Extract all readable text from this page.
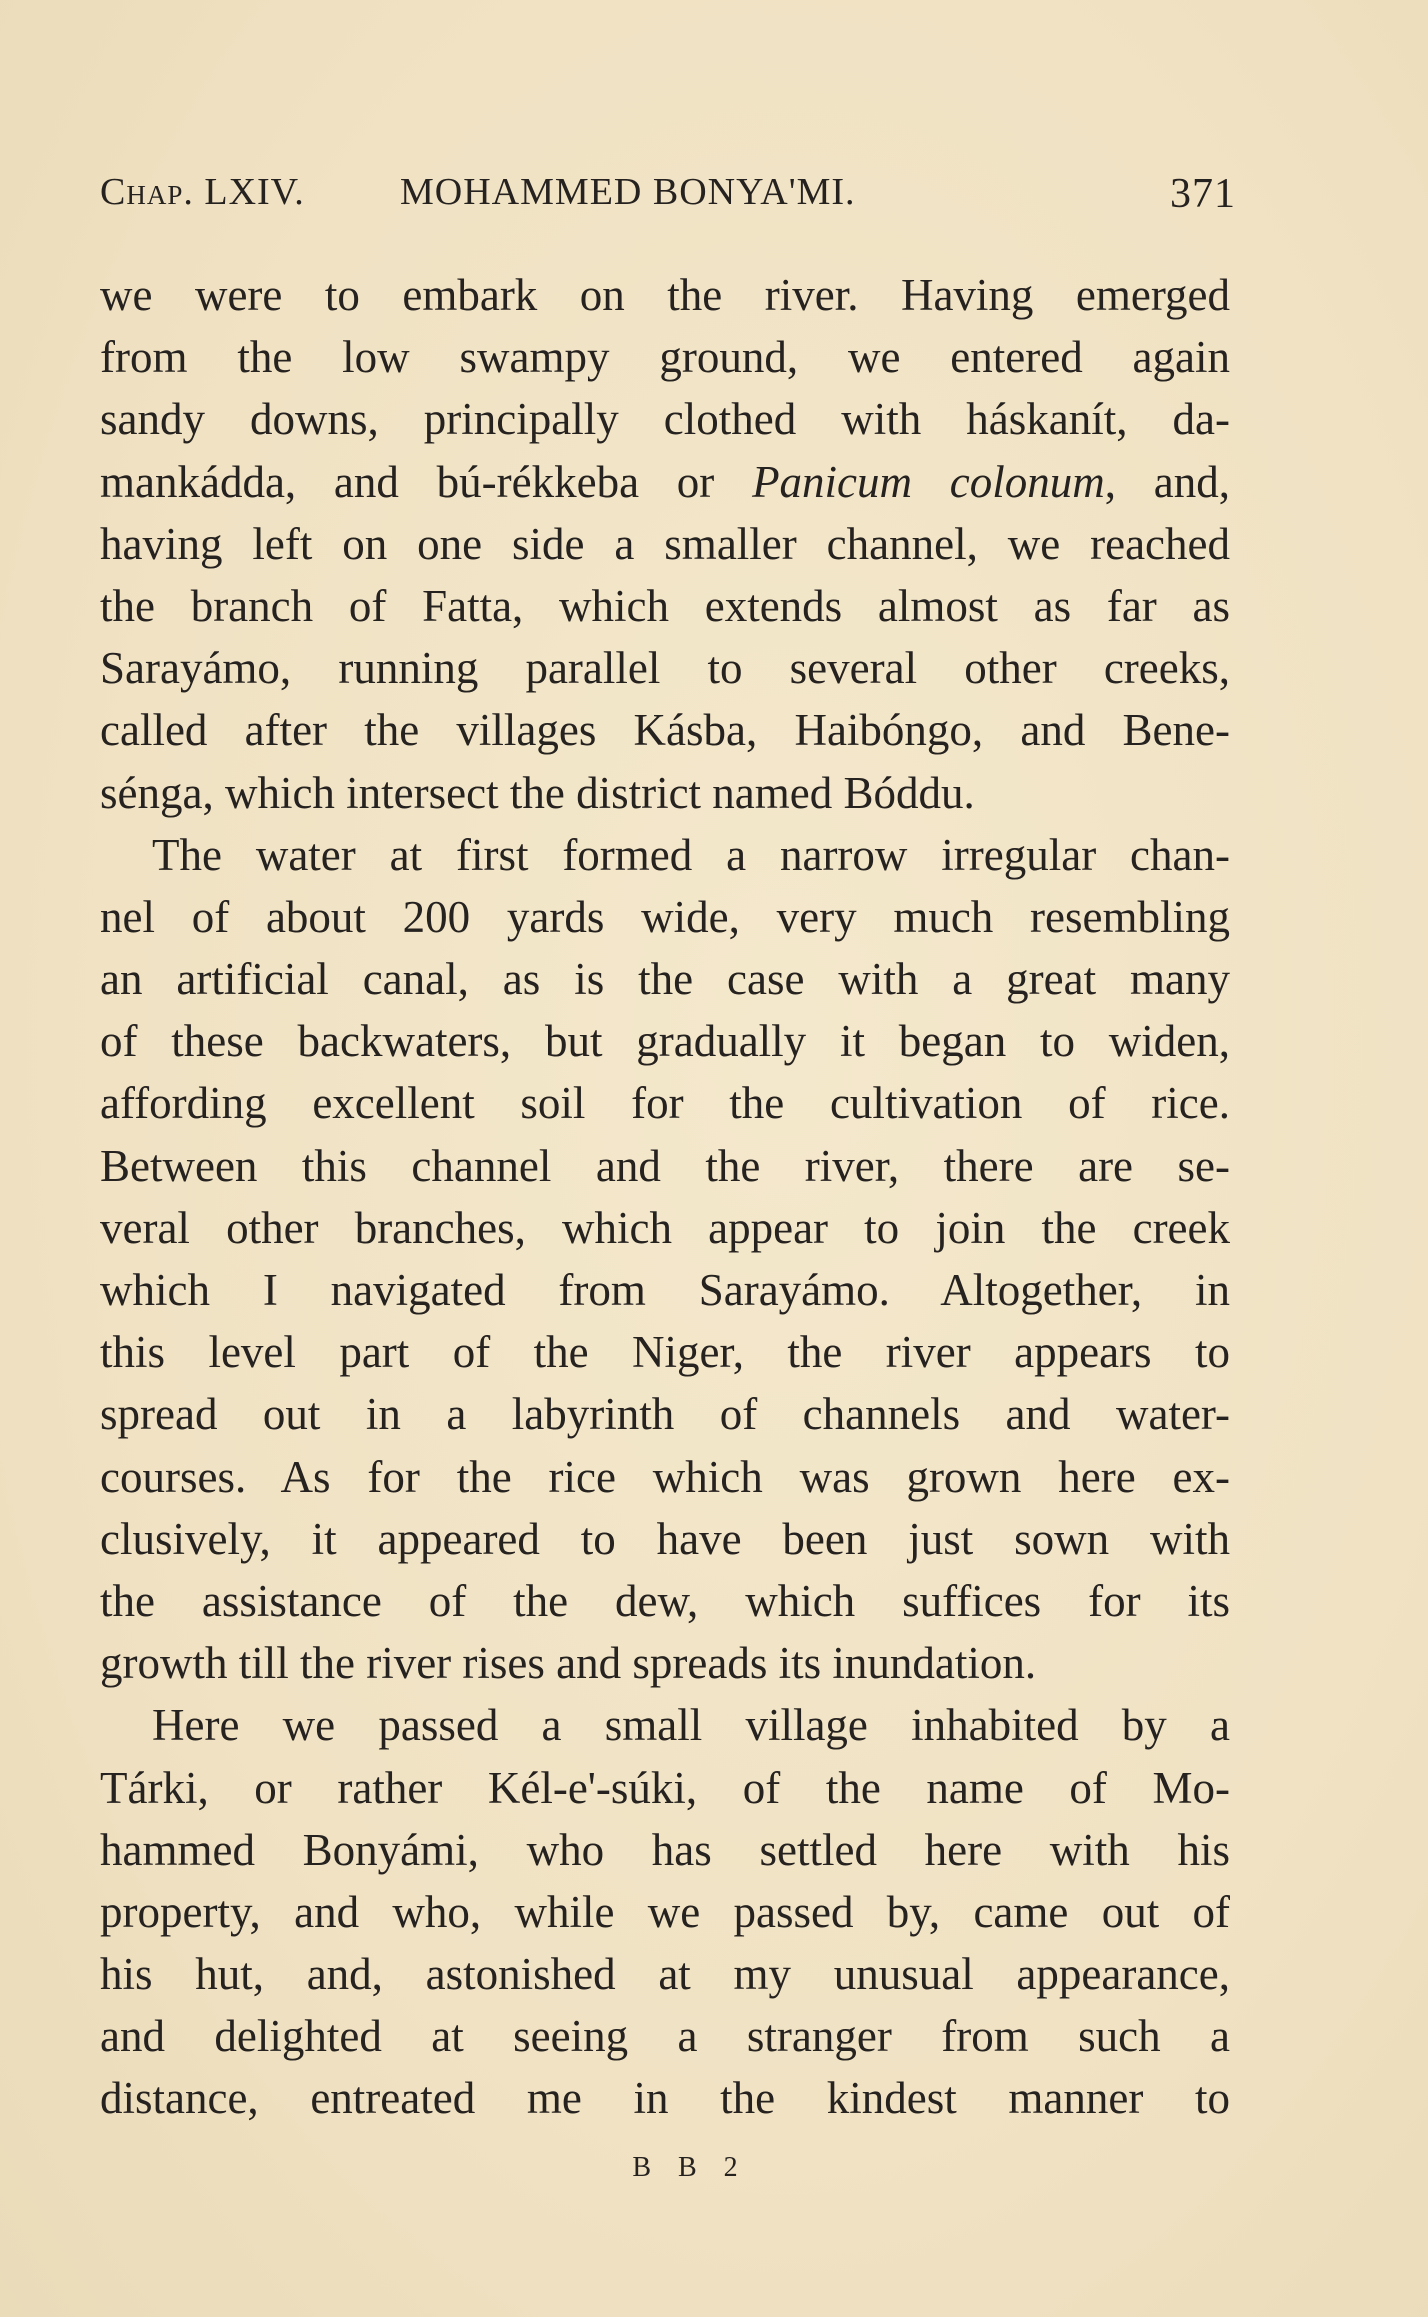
Chap. LXIV.	MOHAMMED BONYA'MI.	371
we were to embark on the river. Having emerged
from the low swampy ground, we entered again
sandy downs, principally clothed with háskanít, da-
mankádda, and bú-rékkeba or Panicum colonum, and,
having left on one side a smaller channel, we reached
the branch of Fatta, which extends almost as far as
Sarayámo, running parallel to several other creeks,
called after the villages Kásba, Haibóngo, and Bene-
sénga, which intersect the district named Bóddu.
The water at first formed a narrow irregular chan-
nel of about 200 yards wide, very much resembling
an artificial canal, as is the case with a great many
of these backwaters, but gradually it began to widen,
affording excellent soil for the cultivation of rice.
Between this channel and the river, there are se-
veral other branches, which appear to join the creek
which I navigated from Sarayámo. Altogether, in
this level part of the Niger, the river appears to
spread out in a labyrinth of channels and water-
courses. As for the rice which was grown here ex-
clusively, it appeared to have been just sown with
the assistance of the dew, which suffices for its
growth till the river rises and spreads its inundation.
Here we passed a small village inhabited by a
Tárki, or rather Kél-e'-súki, of the name of Mo-
hammed Bonyámi, who has settled here with his
property, and who, while we passed by, came out of
his hut, and, astonished at my unusual appearance,
and delighted at seeing a stranger from such a
distance, entreated me in the kindest manner to
B B 2
